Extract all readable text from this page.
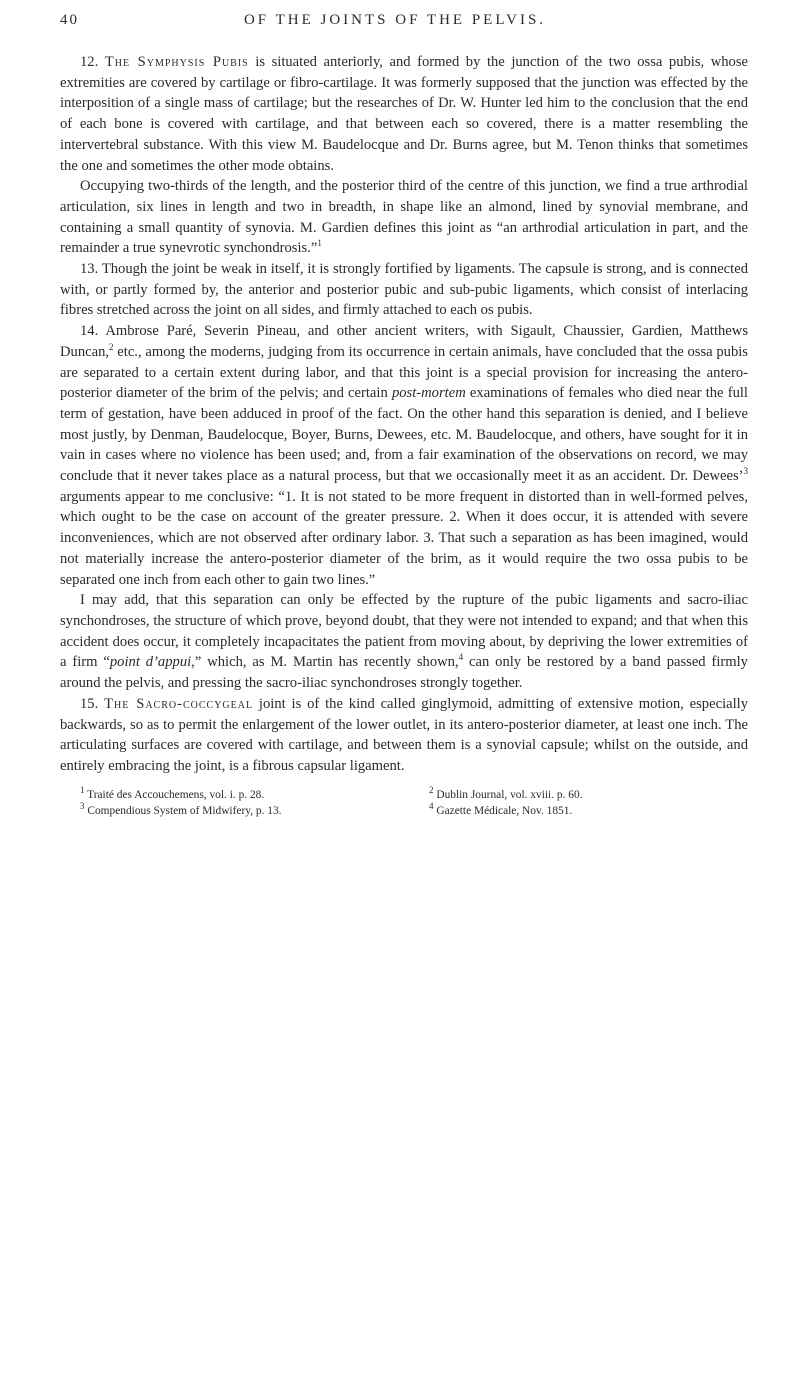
40	OF THE JOINTS OF THE PELVIS.

12. The Symphysis Pubis is situated anteriorly, and formed by the junction of the two ossa pubis, whose extremities are covered by cartilage or fibro-cartilage. It was formerly supposed that the junction was effected by the interposition of a single mass of cartilage; but the researches of Dr. W. Hunter led him to the conclusion that the end of each bone is covered with cartilage, and that between each so covered, there is a matter resembling the intervertebral substance. With this view M. Baudelocque and Dr. Burns agree, but M. Tenon thinks that sometimes the one and sometimes the other mode obtains.

Occupying two-thirds of the length, and the posterior third of the centre of this junction, we find a true arthrodial articulation, six lines in length and two in breadth, in shape like an almond, lined by synovial membrane, and containing a small quantity of synovia. M. Gardien defines this joint as “an arthrodial articulation in part, and the remainder a true synevrotic synchondrosis.”$^1$

13. Though the joint be weak in itself, it is strongly fortified by ligaments. The capsule is strong, and is connected with, or partly formed by, the anterior and posterior pubic and sub-pubic ligaments, which consist of interlacing fibres stretched across the joint on all sides, and firmly attached to each os pubis.

14. Ambrose Paré, Severin Pineau, and other ancient writers, with Sigault, Chaussier, Gardien, Matthews Duncan,$^2$ etc., among the moderns, judging from its occurrence in certain animals, have concluded that the ossa pubis are separated to a certain extent during labor, and that this joint is a special provision for increasing the antero-posterior diameter of the brim of the pelvis; and certain post-mortem examinations of females who died near the full term of gestation, have been adduced in proof of the fact. On the other hand this separation is denied, and I believe most justly, by Denman, Baudelocque, Boyer, Burns, Dewees, etc. M. Baudelocque, and others, have sought for it in vain in cases where no violence has been used; and, from a fair examination of the observations on record, we may conclude that it never takes place as a natural process, but that we occasionally meet it as an accident. Dr. Dewees’$^3$ arguments appear to me conclusive: “1. It is not stated to be more frequent in distorted than in well-formed pelves, which ought to be the case on account of the greater pressure. 2. When it does occur, it is attended with severe inconveniences, which are not observed after ordinary labor. 3. That such a separation as has been imagined, would not materially increase the antero-posterior diameter of the brim, as it would require the two ossa pubis to be separated one inch from each other to gain two lines.”

I may add, that this separation can only be effected by the rupture of the pubic ligaments and sacro-iliac synchondroses, the structure of which prove, beyond doubt, that they were not intended to expand; and that when this accident does occur, it completely incapacitates the patient from moving about, by depriving the lower extremities of a firm “point d’appui,” which, as M. Martin has recently shown,$^4$ can only be restored by a band passed firmly around the pelvis, and pressing the sacro-iliac synchondroses strongly together.

15. The Sacro-coccygeal joint is of the kind called ginglymoid, admitting of extensive motion, especially backwards, so as to permit the enlargement of the lower outlet, in its antero-posterior diameter, at least one inch. The articulating surfaces are covered with cartilage, and between them is a synovial capsule; whilst on the outside, and entirely embracing the joint, is a fibrous capsular ligament.

$^1$ Traité des Accouchemens, vol. i. p. 28.	$^2$ Dublin Journal, vol. xviii. p. 60.
$^3$ Compendious System of Midwifery, p. 13.	$^4$ Gazette Médicale, Nov. 1851.
